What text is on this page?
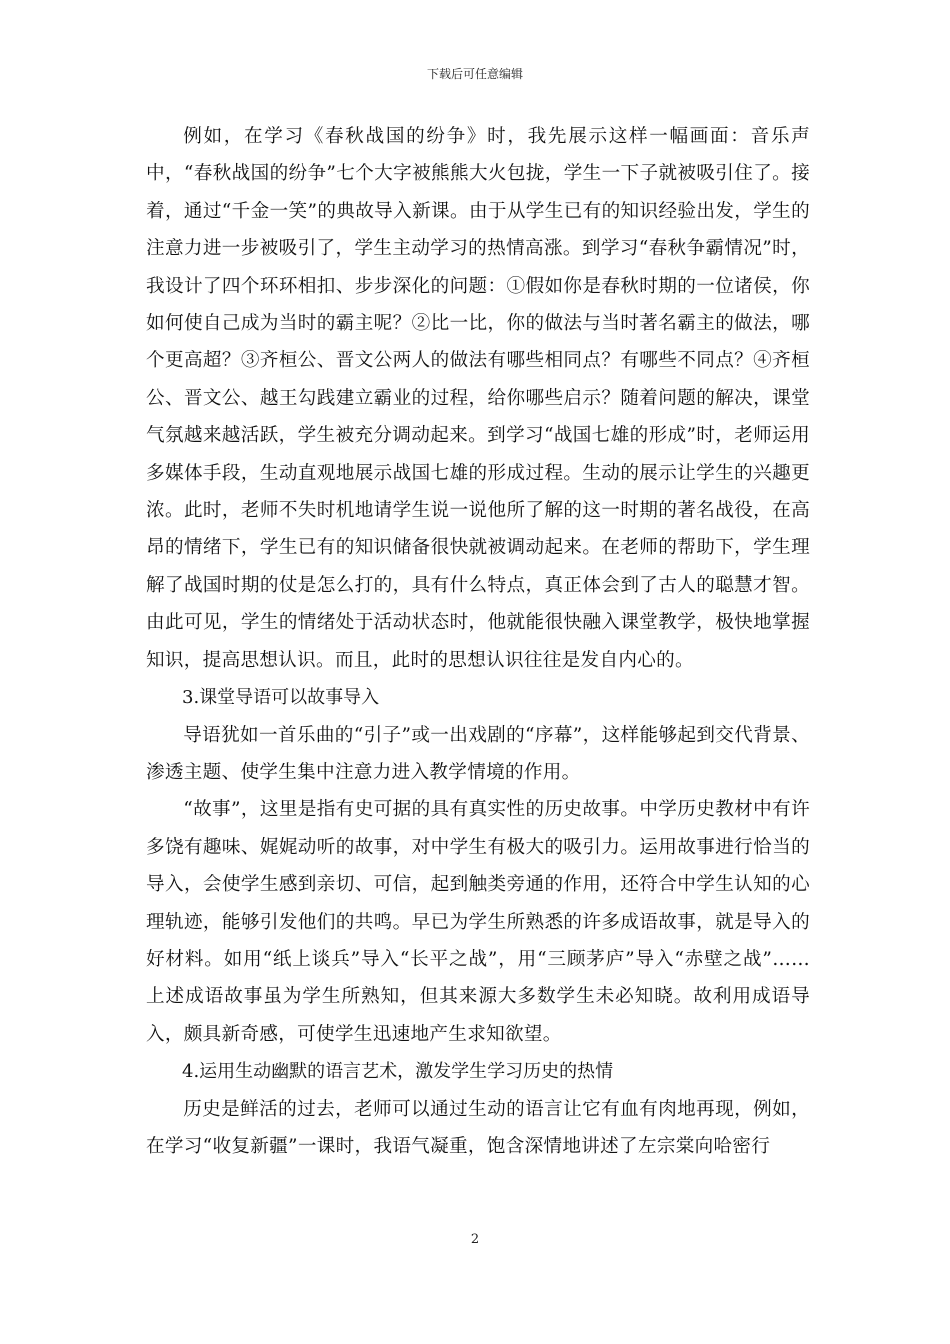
下载后可任意编辑

例如，在学习《春秋战国的纷争》时，我先展示这样一幅画面：音乐声中，“春秋战国的纷争”七个大字被熊熊大火包拢，学生一下子就被吸引住了。接着，通过“千金一笑”的典故导入新课。由于从学生已有的知识经验出发，学生的注意力进一步被吸引了，学生主动学习的热情高涨。到学习“春秋争霸情况”时，我设计了四个环环相扣、步步深化的问题：①假如你是春秋时期的一位诸侯，你如何使自己成为当时的霸主呢？②比一比，你的做法与当时著名霸主的做法，哪个更高超？③齐桓公、晋文公两人的做法有哪些相同点？有哪些不同点？④齐桓公、晋文公、越王勾践建立霸业的过程，给你哪些启示？随着问题的解决，课堂气氛越来越活跃，学生被充分调动起来。到学习“战国七雄的形成”时，老师运用多媒体手段，生动直观地展示战国七雄的形成过程。生动的展示让学生的兴趣更浓。此时，老师不失时机地请学生说一说他所了解的这一时期的著名战役，在高昂的情绪下，学生已有的知识储备很快就被调动起来。在老师的帮助下，学生理解了战国时期的仗是怎么打的，具有什么特点，真正体会到了古人的聪慧才智。由此可见，学生的情绪处于活动状态时，他就能很快融入课堂教学，极快地掌握知识，提高思想认识。而且，此时的思想认识往往是发自内心的。

3.课堂导语可以故事导入

导语犹如一首乐曲的“引子”或一出戏剧的“序幕”，这样能够起到交代背景、渗透主题、使学生集中注意力进入教学情境的作用。

“故事”，这里是指有史可据的具有真实性的历史故事。中学历史教材中有许多饶有趣味、娓娓动听的故事，对中学生有极大的吸引力。运用故事进行恰当的导入，会使学生感到亲切、可信，起到触类旁通的作用，还符合中学生认知的心理轨迹，能够引发他们的共鸣。早已为学生所熟悉的许多成语故事，就是导入的好材料。如用“纸上谈兵”导入“长平之战”，用“三顾茅庐”导入“赤壁之战”……上述成语故事虽为学生所熟知，但其来源大多数学生未必知晓。故利用成语导入，颇具新奇感，可使学生迅速地产生求知欲望。

4.运用生动幽默的语言艺术，激发学生学习历史的热情

历史是鲜活的过去，老师可以通过生动的语言让它有血有肉地再现，例如，在学习“收复新疆”一课时，我语气凝重，饱含深情地讲述了左宗棠向哈密行

2
